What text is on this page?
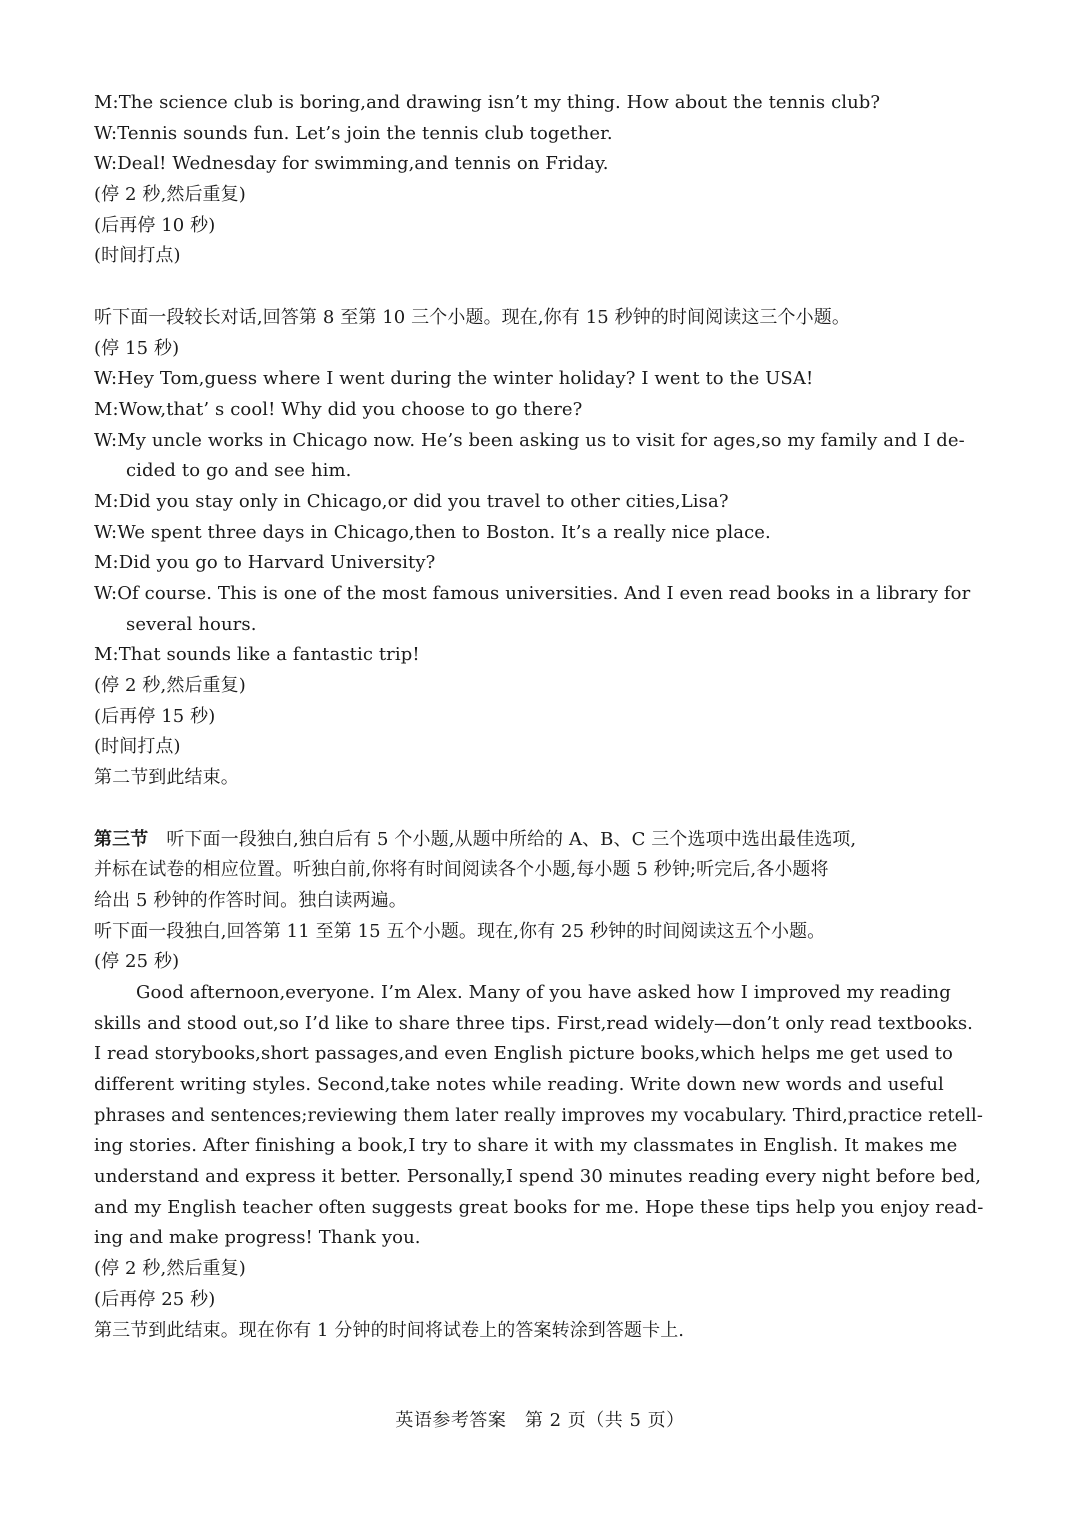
M:The science club is boring,and drawing isn’t my thing. How about the tennis club?
W:Tennis sounds fun. Let’s join the tennis club together.
W:Deal! Wednesday for swimming,and tennis on Friday.
(停 2 秒,然后重复)
(后再停 10 秒)
(时间打点)
听下面一段较长对话,回答第 8 至第 10 三个小题。现在,你有 15 秒钟的时间阅读这三个小题。
(停 15 秒)
W:Hey Tom,guess where I went during the winter holiday? I went to the USA!
M:Wow,that’ s cool! Why did you choose to go there?
W:My uncle works in Chicago now. He’s been asking us to visit for ages,so my family and I de-
cided to go and see him.
M:Did you stay only in Chicago,or did you travel to other cities,Lisa?
W:We spent three days in Chicago,then to Boston. It’s a really nice place.
M:Did you go to Harvard University?
W:Of course. This is one of the most famous universities. And I even read books in a library for
several hours.
M:That sounds like a fantastic trip!
(停 2 秒,然后重复)
(后再停 15 秒)
(时间打点)
第二节到此结束。
第三节 听下面一段独白,独白后有 5 个小题,从题中所给的 A、B、C 三个选项中选出最佳选项,
并标在试卷的相应位置。听独白前,你将有时间阅读各个小题,每小题 5 秒钟;听完后,各小题将
给出 5 秒钟的作答时间。独白读两遍。
听下面一段独白,回答第 11 至第 15 五个小题。现在,你有 25 秒钟的时间阅读这五个小题。
(停 25 秒)
Good afternoon,everyone. I’m Alex. Many of you have asked how I improved my reading
skills and stood out,so I’d like to share three tips. First,read widely—don’t only read textbooks.
I read storybooks,short passages,and even English picture books,which helps me get used to
different writing styles. Second,take notes while reading. Write down new words and useful
phrases and sentences;reviewing them later really improves my vocabulary. Third,practice retell-
ing stories. After finishing a book,I try to share it with my classmates in English. It makes me
understand and express it better. Personally,I spend 30 minutes reading every night before bed,
and my English teacher often suggests great books for me. Hope these tips help you enjoy read-
ing and make progress! Thank you.
(停 2 秒,然后重复)
(后再停 25 秒)
第三节到此结束。现在你有 1 分钟的时间将试卷上的答案转涂到答题卡上.
英语参考答案　第 2 页（共 5 页）
